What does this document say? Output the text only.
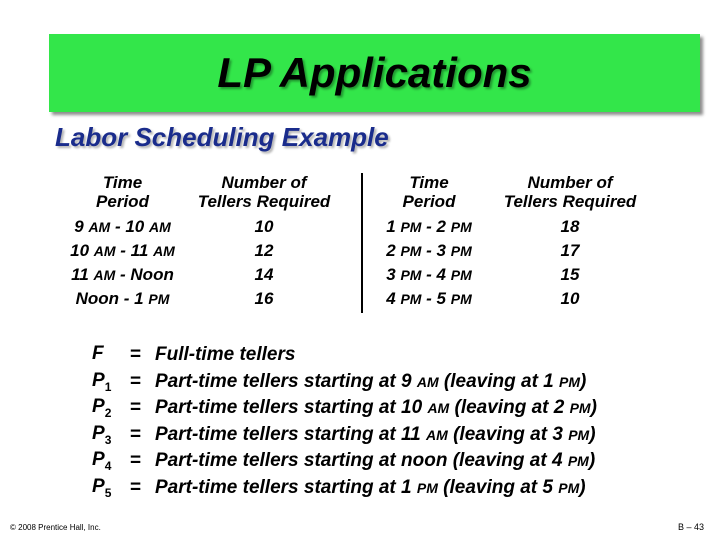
LP Applications
Labor Scheduling Example
Time
Period
9 AM - 10 AM
10 AM - 11 AM
11 AM - Noon
Noon - 1 PM
Number of
Tellers Required
10
12
14
16
Time
Period
1 PM - 2 PM
2 PM - 3 PM
3 PM - 4 PM
4 PM - 5 PM
Number of
Tellers Required
18
17
15
10
F	= Full-time tellers
$P_1$ = Part-time tellers starting at 9 AM (leaving at 1 PM)
$P_2$ = Part-time tellers starting at 10 AM (leaving at 2 PM)
$P_3$ = Part-time tellers starting at 11 AM (leaving at 3 PM)
$P_4$ = Part-time tellers starting at noon (leaving at 4 PM)
$P_5$ = Part-time tellers starting at 1 PM (leaving at 5 PM)
© 2008 Prentice Hall, Inc.	B – 43
